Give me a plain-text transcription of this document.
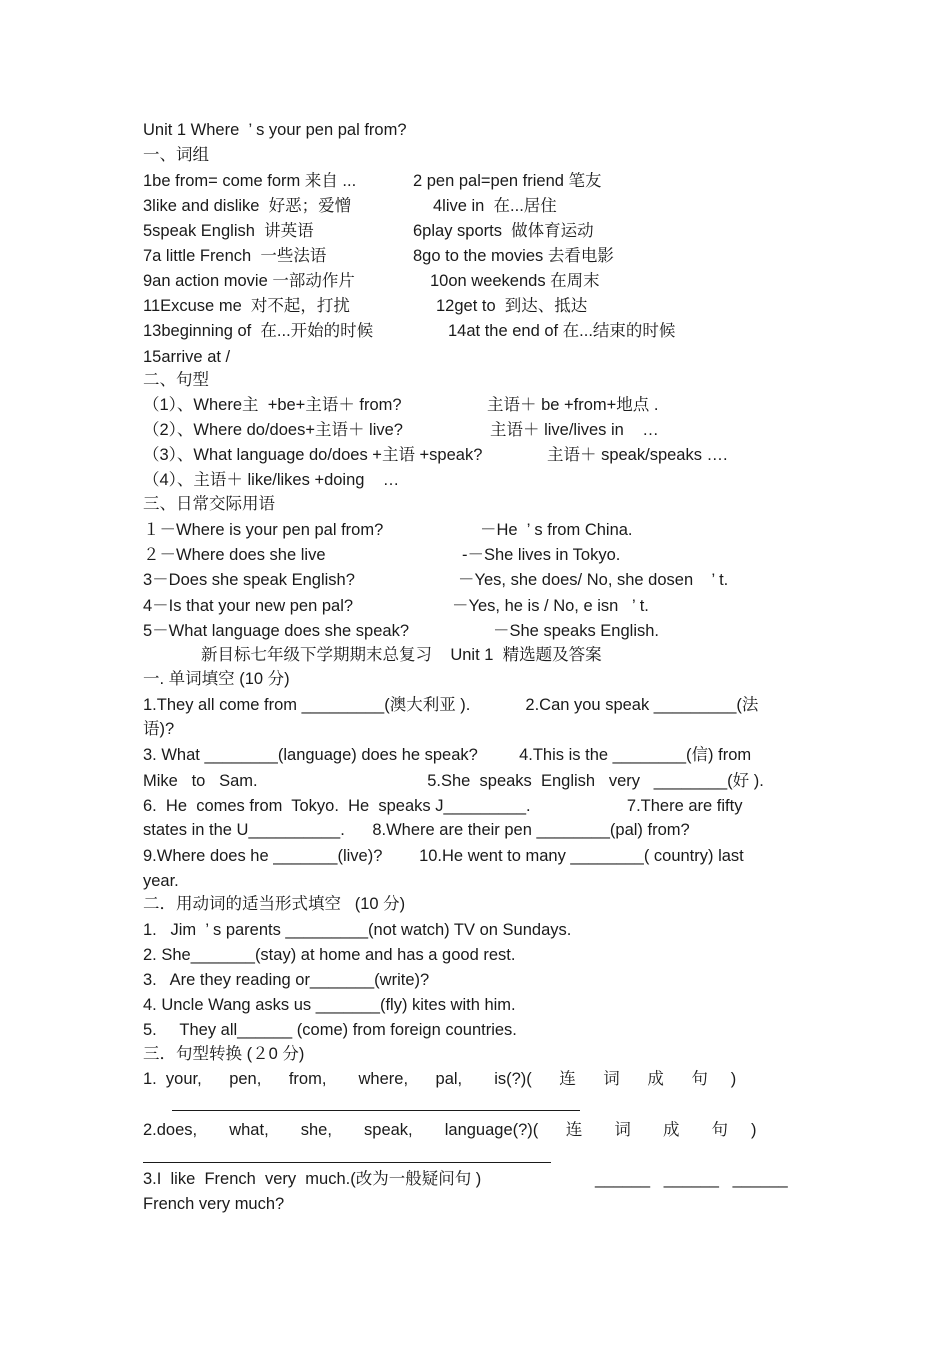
Unit 1 Where  ’ s your pen pal from?
一、词组
1be from= come form 来自 ...	2 pen pal=pen friend 笔友
3like and dislike  好恶；爱憎	4live in  在...居住
5speak English  讲英语	6play sports  做体育运动
7a little French  一些法语	8go to the movies 去看电影
9an action movie 一部动作片	10on weekends 在周末
11Excuse me  对不起，打扰	12get to  到达、抵达
13beginning of  在...开始的时候	14at the end of 在...结束的时候
15arrive at /
二、句型
（1）、Where主  +be+主语＋ from?	主语＋ be +from+地点 .
（2）、Where do/does+主语＋ live?	主语＋ live/lives in    …
（3）、What language do/does +主语 +speak?	主语＋ speak/speaks ….
（4）、主语＋ like/likes +doing    …
三、日常交际用语
１－Where is your pen pal from?	－He  ’ s from China.
２－Where does she live	-－She lives in Tokyo.
3－Does she speak English?	－Yes, she does/ No, she dosen    ’ t.
4－Is that your new pen pal?	－Yes, he is / No, e isn   ’ t.
5－What language does she speak?	－She speaks English.
新目标七年级下学期期末总复习    Unit 1  精选题及答案
一. 单词填空 (10 分)
1.They all come from _________(澳大利亚 ).            2.Can you speak _________(法
语)?
3. What ________(language) does he speak?         4.This is the ________(信) from
Mike   to   Sam.                                     5.She  speaks  English   very   ________(好 ).
6.  He  comes from  Tokyo.  He  speaks J_________.                     7.There are fifty
states in the U__________.      8.Where are their pen ________(pal) from?
9.Where does he _______(live)?        10.He went to many ________( country) last
year.
二．用动词的适当形式填空   (10 分)
1.   Jim  ’ s parents _________(not watch) TV on Sundays.
2. She_______(stay) at home and has a good rest.
3.   Are they reading or_______(write)?
4. Uncle Wang asks us _______(fly) kites with him.
5.     They all______ (come) from foreign countries.
三．句型转换 (２0 分)
1.  your,      pen,      from,       where,      pal,       is(?)(      连      词      成      句     )
2.does,       what,       she,       speak,       language(?)(      连       词       成       句     )
3.I  like  French  very  much.(改为一般疑问句 )	______   ______   ______
French very much?
